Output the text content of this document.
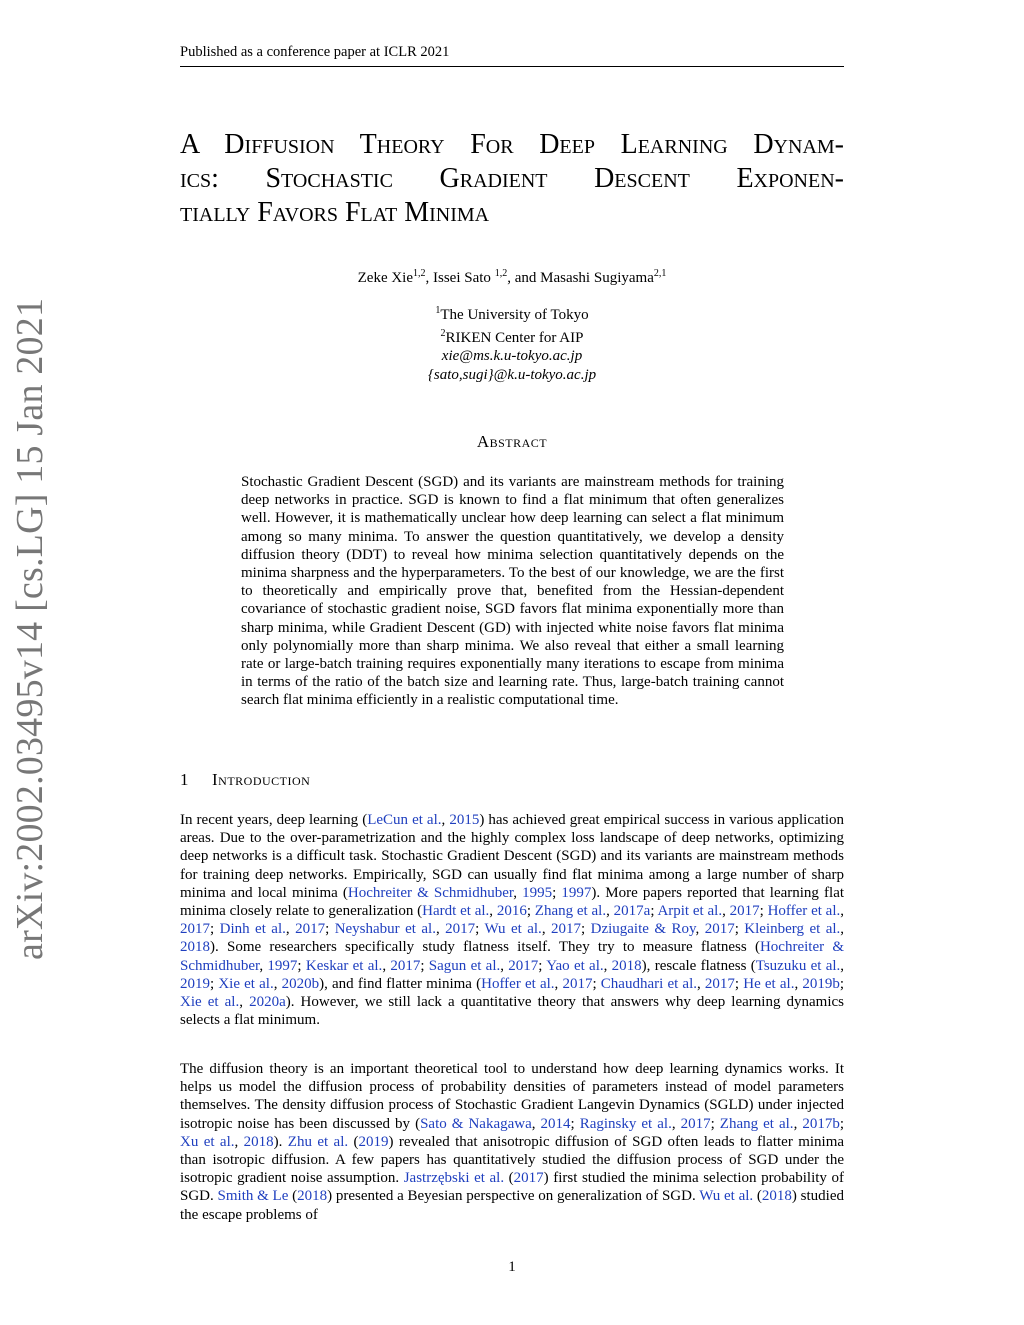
Published as a conference paper at ICLR 2021
arXiv:2002.03495v14 [cs.LG] 15 Jan 2021
A Diffusion Theory For Deep Learning Dynam-
ics: Stochastic Gradient Descent Exponen-
tially Favors Flat Minima
Zeke Xie$^{1,2}$, Issei Sato $^{1,2}$, and Masashi Sugiyama$^{2,1}$
$^1$The University of Tokyo
$^2$RIKEN Center for AIP
xie@ms.k.u-tokyo.ac.jp
{sato,sugi}@k.u-tokyo.ac.jp
Abstract
Stochastic Gradient Descent (SGD) and its variants are mainstream methods for training deep networks in practice. SGD is known to find a flat minimum that often generalizes well. However, it is mathematically unclear how deep learning can select a flat minimum among so many minima. To answer the question quantitatively, we develop a density diffusion theory (DDT) to reveal how minima selection quantitatively depends on the minima sharpness and the hyperparameters. To the best of our knowledge, we are the first to theoretically and empirically prove that, benefited from the Hessian-dependent covariance of stochastic gradient noise, SGD favors flat minima exponentially more than sharp minima, while Gradient Descent (GD) with injected white noise favors flat minima only polynomially more than sharp minima. We also reveal that either a small learning rate or large-batch training requires exponentially many iterations to escape from minima in terms of the ratio of the batch size and learning rate. Thus, large-batch training cannot search flat minima efficiently in a realistic computational time.
1 Introduction
In recent years, deep learning (LeCun et al., 2015) has achieved great empirical success in various application areas. Due to the over-parametrization and the highly complex loss landscape of deep networks, optimizing deep networks is a difficult task. Stochastic Gradient Descent (SGD) and its variants are mainstream methods for training deep networks. Empirically, SGD can usually find flat minima among a large number of sharp minima and local minima (Hochreiter & Schmidhuber, 1995; 1997). More papers reported that learning flat minima closely relate to generalization (Hardt et al., 2016; Zhang et al., 2017a; Arpit et al., 2017; Hoffer et al., 2017; Dinh et al., 2017; Neyshabur et al., 2017; Wu et al., 2017; Dziugaite & Roy, 2017; Kleinberg et al., 2018). Some researchers specifically study flatness itself. They try to measure flatness (Hochreiter & Schmidhuber, 1997; Keskar et al., 2017; Sagun et al., 2017; Yao et al., 2018), rescale flatness (Tsuzuku et al., 2019; Xie et al., 2020b), and find flatter minima (Hoffer et al., 2017; Chaudhari et al., 2017; He et al., 2019b; Xie et al., 2020a). However, we still lack a quantitative theory that answers why deep learning dynamics selects a flat minimum.
The diffusion theory is an important theoretical tool to understand how deep learning dynamics works. It helps us model the diffusion process of probability densities of parameters instead of model parameters themselves. The density diffusion process of Stochastic Gradient Langevin Dynamics (SGLD) under injected isotropic noise has been discussed by (Sato & Nakagawa, 2014; Raginsky et al., 2017; Zhang et al., 2017b; Xu et al., 2018). Zhu et al. (2019) revealed that anisotropic diffusion of SGD often leads to flatter minima than isotropic diffusion. A few papers has quantitatively studied the diffusion process of SGD under the isotropic gradient noise assumption. Jastrzębski et al. (2017) first studied the minima selection probability of SGD. Smith & Le (2018) presented a Beyesian perspective on generalization of SGD. Wu et al. (2018) studied the escape problems of
1
